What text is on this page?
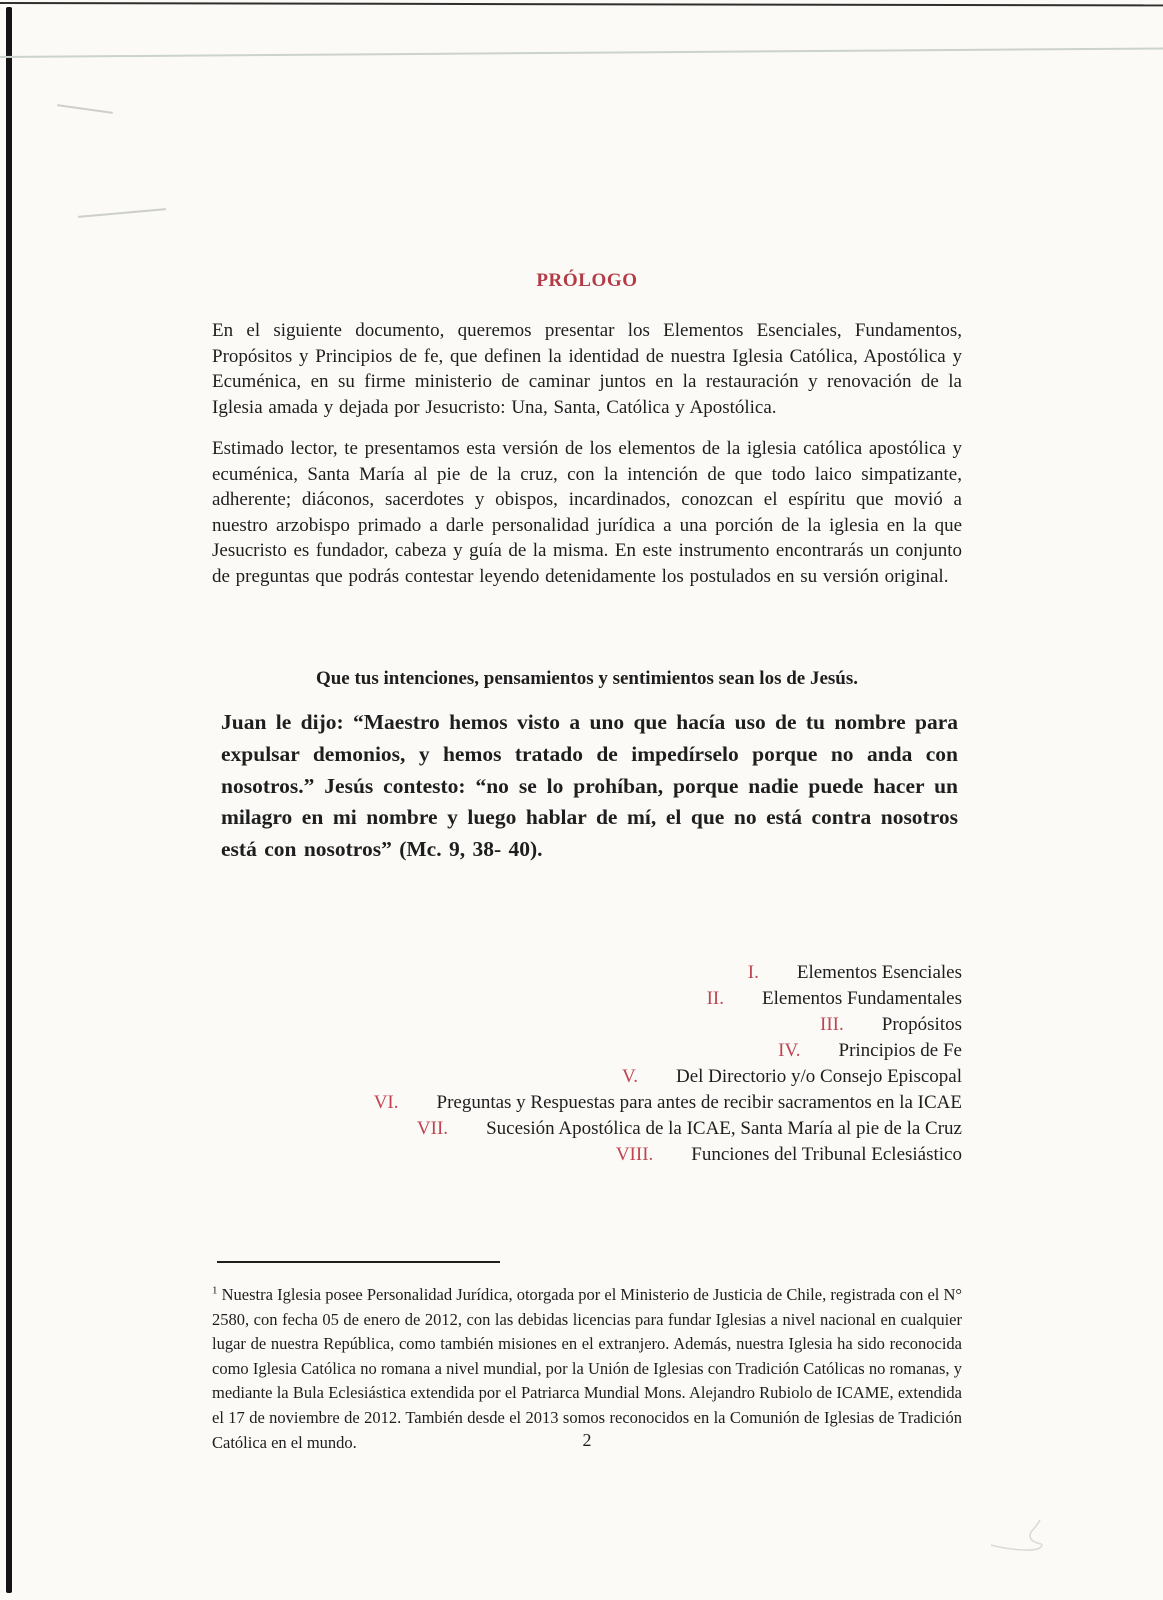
PRÓLOGO
En el siguiente documento, queremos presentar los Elementos Esenciales, Fundamentos, Propósitos y Principios de fe, que definen la identidad de nuestra Iglesia Católica, Apostólica y Ecuménica, en su firme ministerio de caminar juntos en la restauración y renovación de la Iglesia amada y dejada por Jesucristo: Una, Santa, Católica y Apostólica.
Estimado lector, te presentamos esta versión de los elementos de la iglesia católica apostólica y ecuménica, Santa María al pie de la cruz, con la intención de que todo laico simpatizante, adherente; diáconos, sacerdotes y obispos, incardinados, conozcan el espíritu que movió a nuestro arzobispo primado a darle personalidad jurídica a una porción de la iglesia en la que Jesucristo es fundador, cabeza y guía de la misma. En este instrumento encontrarás un conjunto de preguntas que podrás contestar leyendo detenidamente los postulados en su versión original.
Que tus intenciones, pensamientos y sentimientos sean los de Jesús.
Juan le dijo: “Maestro hemos visto a uno que hacía uso de tu nombre para expulsar demonios, y hemos tratado de impedírselo porque no anda con nosotros.” Jesús contesto: “no se lo prohíban, porque nadie puede hacer un milagro en mi nombre y luego hablar de mí, el que no está contra nosotros está con nosotros” (Mc. 9, 38- 40).
I. Elementos Esenciales
II. Elementos Fundamentales
III. Propósitos
IV. Principios de Fe
V. Del Directorio y/o Consejo Episcopal
VI. Preguntas y Respuestas para antes de recibir sacramentos en la ICAE
VII. Sucesión Apostólica de la ICAE, Santa María al pie de la Cruz
VIII. Funciones del Tribunal Eclesiástico
$^1$ Nuestra Iglesia posee Personalidad Jurídica, otorgada por el Ministerio de Justicia de Chile, registrada con el N° 2580, con fecha 05 de enero de 2012, con las debidas licencias para fundar Iglesias a nivel nacional en cualquier lugar de nuestra República, como también misiones en el extranjero. Además, nuestra Iglesia ha sido reconocida como Iglesia Católica no romana a nivel mundial, por la Unión de Iglesias con Tradición Católicas no romanas, y mediante la Bula Eclesiástica extendida por el Patriarca Mundial Mons. Alejandro Rubiolo de ICAME, extendida el 17 de noviembre de 2012. También desde el 2013 somos reconocidos en la Comunión de Iglesias de Tradición Católica en el mundo.	2
